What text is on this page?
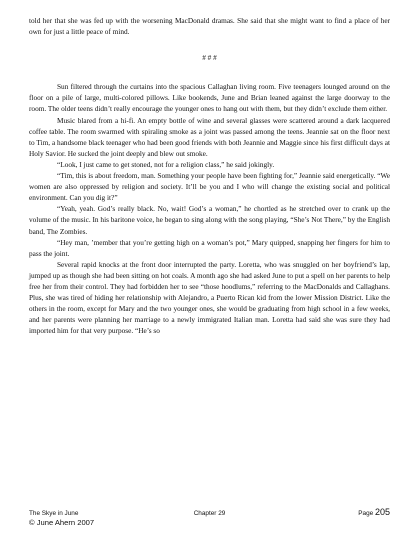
told her that she was fed up with the worsening MacDonald dramas. She said that she might want to find a place of her own for just a little peace of mind.

# # #

Sun filtered through the curtains into the spacious Callaghan living room. Five teenagers lounged around on the floor on a pile of large, multi-colored pillows. Like bookends, June and Brian leaned against the large doorway to the room. The older teens didn’t really encourage the younger ones to hang out with them, but they didn’t exclude them either.

Music blared from a hi-fi. An empty bottle of wine and several glasses were scattered around a dark lacquered coffee table. The room swarmed with spiraling smoke as a joint was passed among the teens. Jeannie sat on the floor next to Tim, a handsome black teenager who had been good friends with both Jeannie and Maggie since his first difficult days at Holy Savior. He sucked the joint deeply and blew out smoke.

“Look, I just came to get stoned, not for a religion class,” he said jokingly.

“Tim, this is about freedom, man. Something your people have been fighting for,” Jeannie said energetically. “We women are also oppressed by religion and society. It’ll be you and I who will change the existing social and political environment. Can you dig it?”

“Yeah, yeah. God’s really black. No, wait! God’s a woman,” he chortled as he stretched over to crank up the volume of the music. In his baritone voice, he began to sing along with the song playing, “She’s Not There,” by the English band, The Zombies.

“Hey man, ’member that you’re getting high on a woman’s pot,” Mary quipped, snapping her fingers for him to pass the joint.

Several rapid knocks at the front door interrupted the party. Loretta, who was snuggled on her boyfriend’s lap, jumped up as though she had been sitting on hot coals. A month ago she had asked June to put a spell on her parents to help free her from their control. They had forbidden her to see “those hoodlums,” referring to the MacDonalds and Callaghans. Plus, she was tired of hiding her relationship with Alejandro, a Puerto Rican kid from the lower Mission District. Like the others in the room, except for Mary and the two younger ones, she would be graduating from high school in a few weeks, and her parents were planning her marriage to a newly immigrated Italian man. Loretta had said she was sure they had imported him for that very purpose. “He’s so

The Skye in June	Chapter 29	Page 205
© June Ahern 2007
